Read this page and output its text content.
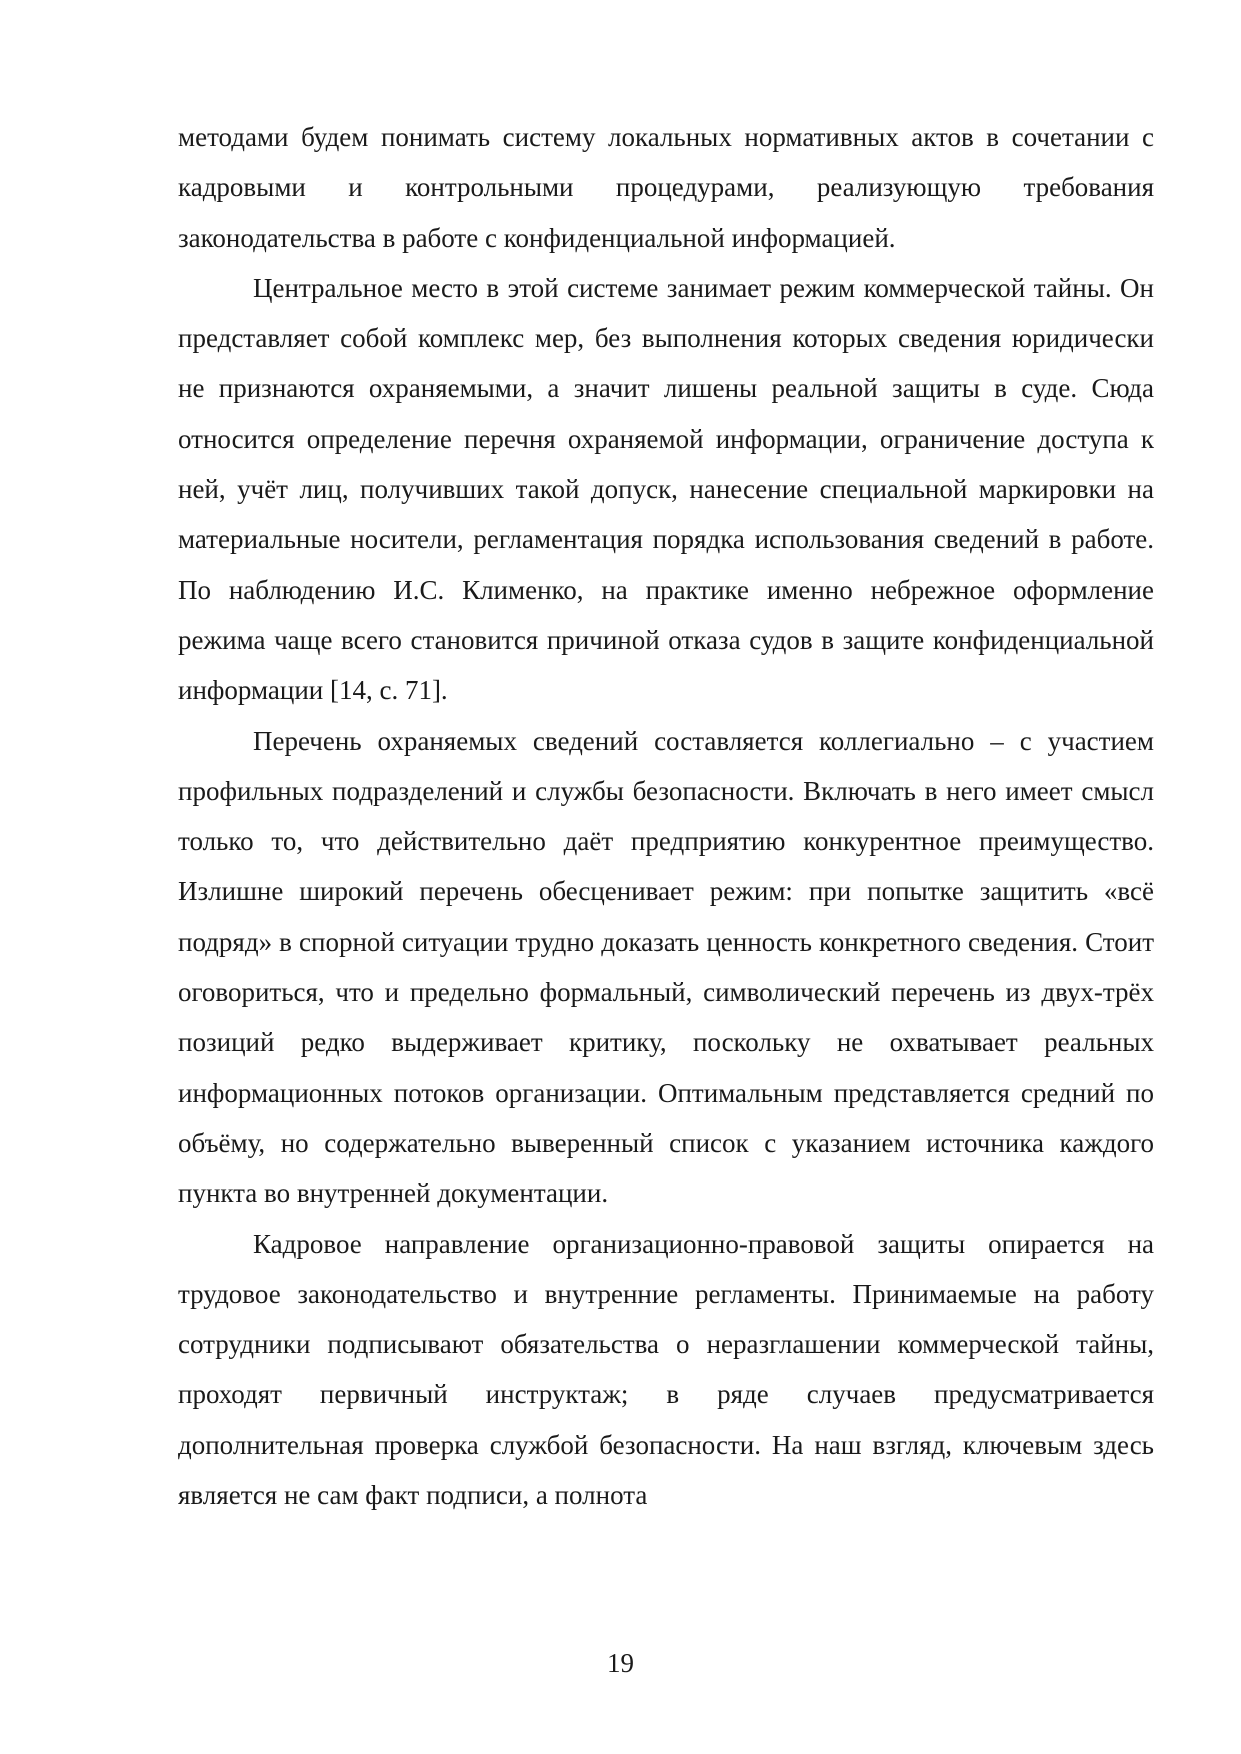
методами будем понимать систему локальных нормативных актов в сочетании с кадровыми и контрольными процедурами, реализующую требования законодательства в работе с конфиденциальной информацией.

Центральное место в этой системе занимает режим коммерческой тайны. Он представляет собой комплекс мер, без выполнения которых сведения юридически не признаются охраняемыми, а значит лишены реальной защиты в суде. Сюда относится определение перечня охраняемой информации, ограничение доступа к ней, учёт лиц, получивших такой допуск, нанесение специальной маркировки на материальные носители, регламентация порядка использования сведений в работе. По наблюдению И.С. Клименко, на практике именно небрежное оформление режима чаще всего становится причиной отказа судов в защите конфиденциальной информации [14, с. 71].

Перечень охраняемых сведений составляется коллегиально – с участием профильных подразделений и службы безопасности. Включать в него имеет смысл только то, что действительно даёт предприятию конкурентное преимущество. Излишне широкий перечень обесценивает режим: при попытке защитить «всё подряд» в спорной ситуации трудно доказать ценность конкретного сведения. Стоит оговориться, что и предельно формальный, символический перечень из двух-трёх позиций редко выдерживает критику, поскольку не охватывает реальных информационных потоков организации. Оптимальным представляется средний по объёму, но содержательно выверенный список с указанием источника каждого пункта во внутренней документации.

Кадровое направление организационно-правовой защиты опирается на трудовое законодательство и внутренние регламенты. Принимаемые на работу сотрудники подписывают обязательства о неразглашении коммерческой тайны, проходят первичный инструктаж; в ряде случаев предусматривается дополнительная проверка службой безопасности. На наш взгляд, ключевым здесь является не сам факт подписи, а полнота

19
